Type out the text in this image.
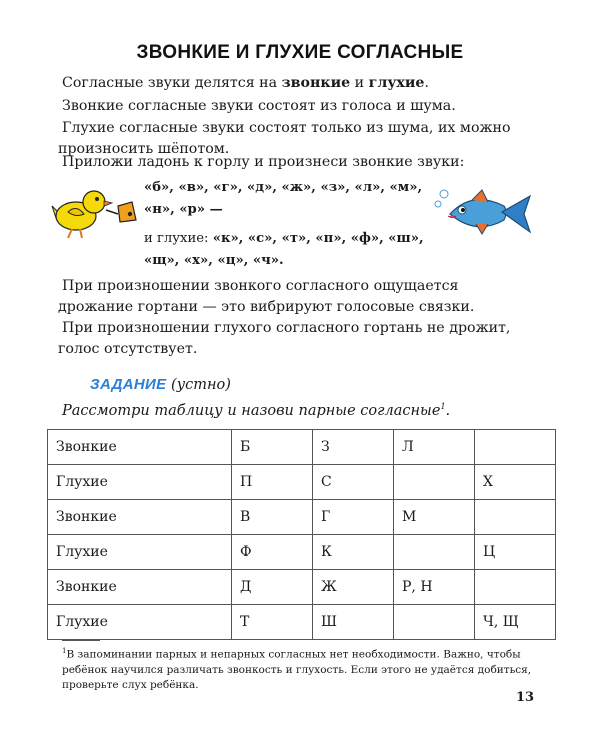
ЗВОНКИЕ И ГЛУХИЕ СОГЛАСНЫЕ

Согласные звуки делятся на звонкие и глухие.

Звонкие согласные звуки состоят из голоса и шума.

Глухие согласные звуки состоят только из шума, их можно произносить шёпотом.

Приложи ладонь к горлу и произнеси звонкие звуки:

«б», «в», «г», «д», «ж», «з», «л», «м», «н», «р» —

и глухие: «к», «с», «т», «п», «ф», «ш», «щ», «х», «ц», «ч».

При произношении звонкого согласного ощущается дрожание гортани — это вибрируют голосовые связки.

При произношении глухого согласного гортань не дрожит, голос отсутствует.

ЗАДАНИЕ (устно)
Рассмотри таблицу и назови парные согласные$^1$.
Звонкие	Б	З	Л	
Глухие	П	С		Х
Звонкие	В	Г	М	
Глухие	Ф	К		Ц
Звонкие	Д	Ж	Р, Н	
Глухие	Т	Ш		Ч, Щ
$^1$В запоминании парных и непарных согласных нет необходимости. Важно, чтобы ребёнок научился различать звонкость и глухость. Если этого не удаётся добиться, проверьте слух ребёнка.
13
